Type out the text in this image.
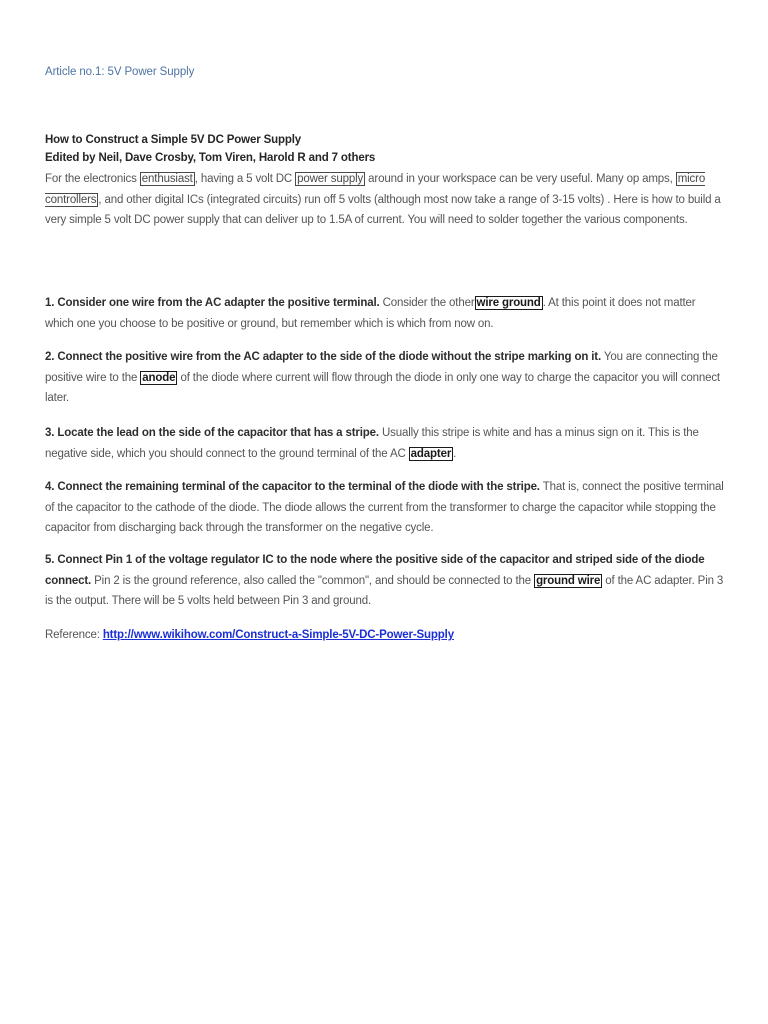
Article no.1: 5V Power Supply
How to Construct a Simple 5V DC Power Supply
Edited by Neil, Dave Crosby, Tom Viren, Harold R and 7 others
For the electronics enthusiast , having a 5 volt DC power supply around in your workspace can be very useful. Many op amps, micro controllers , and other digital ICs (integrated circuits) run off 5 volts (although most now take a range of 3-15 volts) . Here is how to build a very simple 5 volt DC power supply that can deliver up to 1.5A of current. You will need to solder together the various components.
1. Consider one wire from the AC adapter the positive terminal. Consider the other wire ground . At this point it does not matter which one you choose to be positive or ground, but remember which is which from now on.
2. Connect the positive wire from the AC adapter to the side of the diode without the stripe marking on it. You are connecting the positive wire to the anode of the diode where current will flow through the diode in only one way to charge the capacitor you will connect later.
3. Locate the lead on the side of the capacitor that has a stripe. Usually this stripe is white and has a minus sign on it. This is the negative side, which you should connect to the ground terminal of the AC adapter .
4. Connect the remaining terminal of the capacitor to the terminal of the diode with the stripe. That is, connect the positive terminal of the capacitor to the cathode of the diode. The diode allows the current from the transformer to charge the capacitor while stopping the capacitor from discharging back through the transformer on the negative cycle.
5. Connect Pin 1 of the voltage regulator IC to the node where the positive side of the capacitor and striped side of the diode connect. Pin 2 is the ground reference, also called the "common", and should be connected to the ground wire of the AC adapter. Pin 3 is the output. There will be 5 volts held between Pin 3 and ground.
Reference: http://www.wikihow.com/Construct-a-Simple-5V-DC-Power-Supply
